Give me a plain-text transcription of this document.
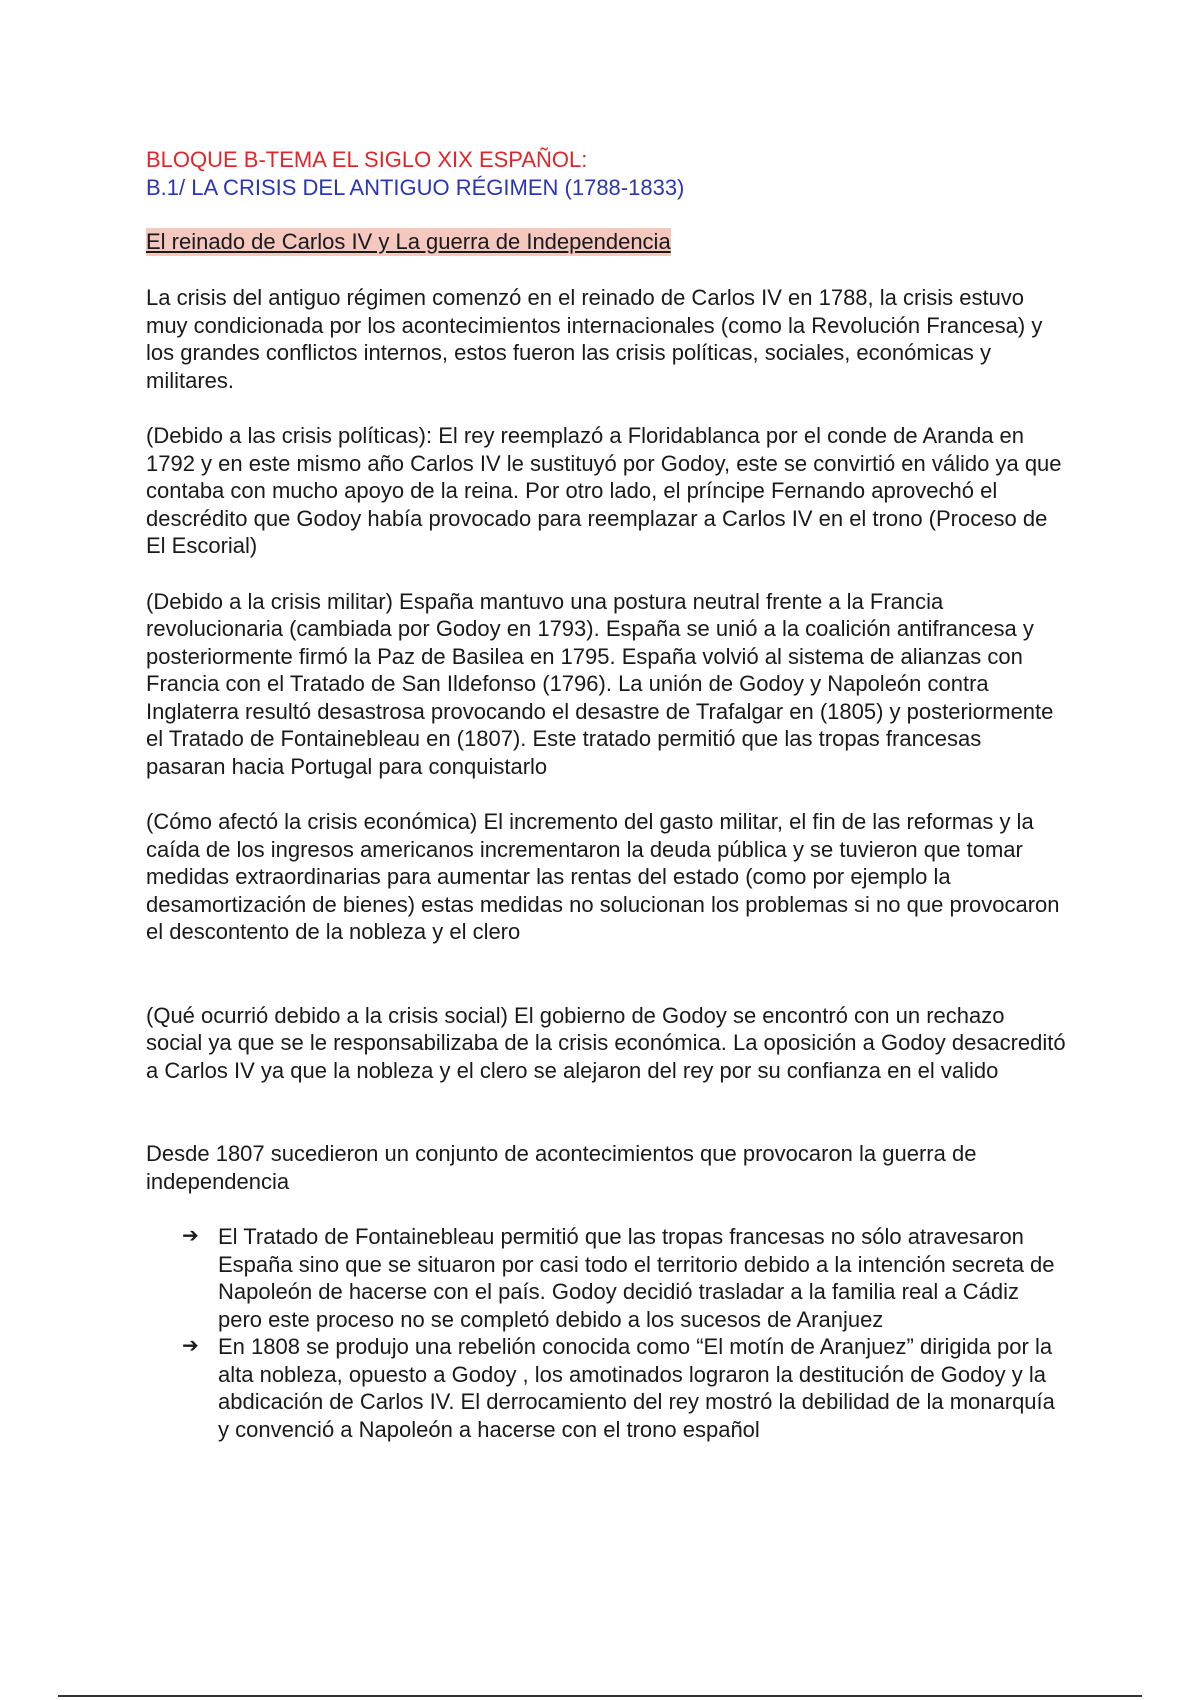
BLOQUE B-TEMA EL SIGLO XIX ESPAÑOL:
B.1/ LA CRISIS DEL ANTIGUO RÉGIMEN (1788-1833)
El reinado de Carlos IV y La guerra de Independencia

La crisis del antiguo régimen comenzó en el reinado de Carlos IV en 1788, la crisis estuvo muy condicionada por los acontecimientos internacionales (como la Revolución Francesa) y los grandes conflictos internos, estos fueron las crisis políticas, sociales, económicas y militares.

(Debido a las crisis políticas): El rey reemplazó a Floridablanca por el conde de Aranda en 1792 y en este mismo año Carlos IV le sustituyó por Godoy, este se convirtió en válido ya que contaba con mucho apoyo de la reina. Por otro lado, el príncipe Fernando aprovechó el descrédito que Godoy había provocado para reemplazar a Carlos IV en el trono (Proceso de El Escorial)

(Debido a la crisis militar) España mantuvo una postura neutral frente a la Francia revolucionaria (cambiada por Godoy en 1793). España se unió a la coalición antifrancesa y posteriormente firmó la Paz de Basilea en 1795. España volvió al sistema de alianzas con Francia con el Tratado de San Ildefonso (1796). La unión de Godoy y Napoleón contra Inglaterra resultó desastrosa provocando el desastre de Trafalgar en (1805) y posteriormente el Tratado de Fontainebleau en (1807). Este tratado permitió que las tropas francesas pasaran hacia Portugal para conquistarlo

(Cómo afectó la crisis económica) El incremento del gasto militar, el fin de las reformas y la caída de los ingresos americanos incrementaron la deuda pública y se tuvieron que tomar medidas extraordinarias para aumentar las rentas del estado (como por ejemplo la desamortización de bienes) estas medidas no solucionan los problemas si no que provocaron el descontento de la nobleza y el clero

(Qué ocurrió debido a la crisis social) El gobierno de Godoy se encontró con un rechazo social ya que se le responsabilizaba de la crisis económica. La oposición a Godoy desacreditó a Carlos IV ya que la nobleza y el clero se alejaron del rey por su confianza en el valido

Desde 1807 sucedieron un conjunto de acontecimientos que provocaron la guerra de independencia

➔ El Tratado de Fontainebleau permitió que las tropas francesas no sólo atravesaron España sino que se situaron por casi todo el territorio debido a la intención secreta de Napoleón de hacerse con el país. Godoy decidió trasladar a la familia real a Cádiz pero este proceso no se completó debido a los sucesos de Aranjuez
➔ En 1808 se produjo una rebelión conocida como “El motín de Aranjuez” dirigida por la alta nobleza, opuesto a Godoy , los amotinados lograron la destitución de Godoy y la abdicación de Carlos IV. El derrocamiento del rey mostró la debilidad de la monarquía y convenció a Napoleón a hacerse con el trono español
